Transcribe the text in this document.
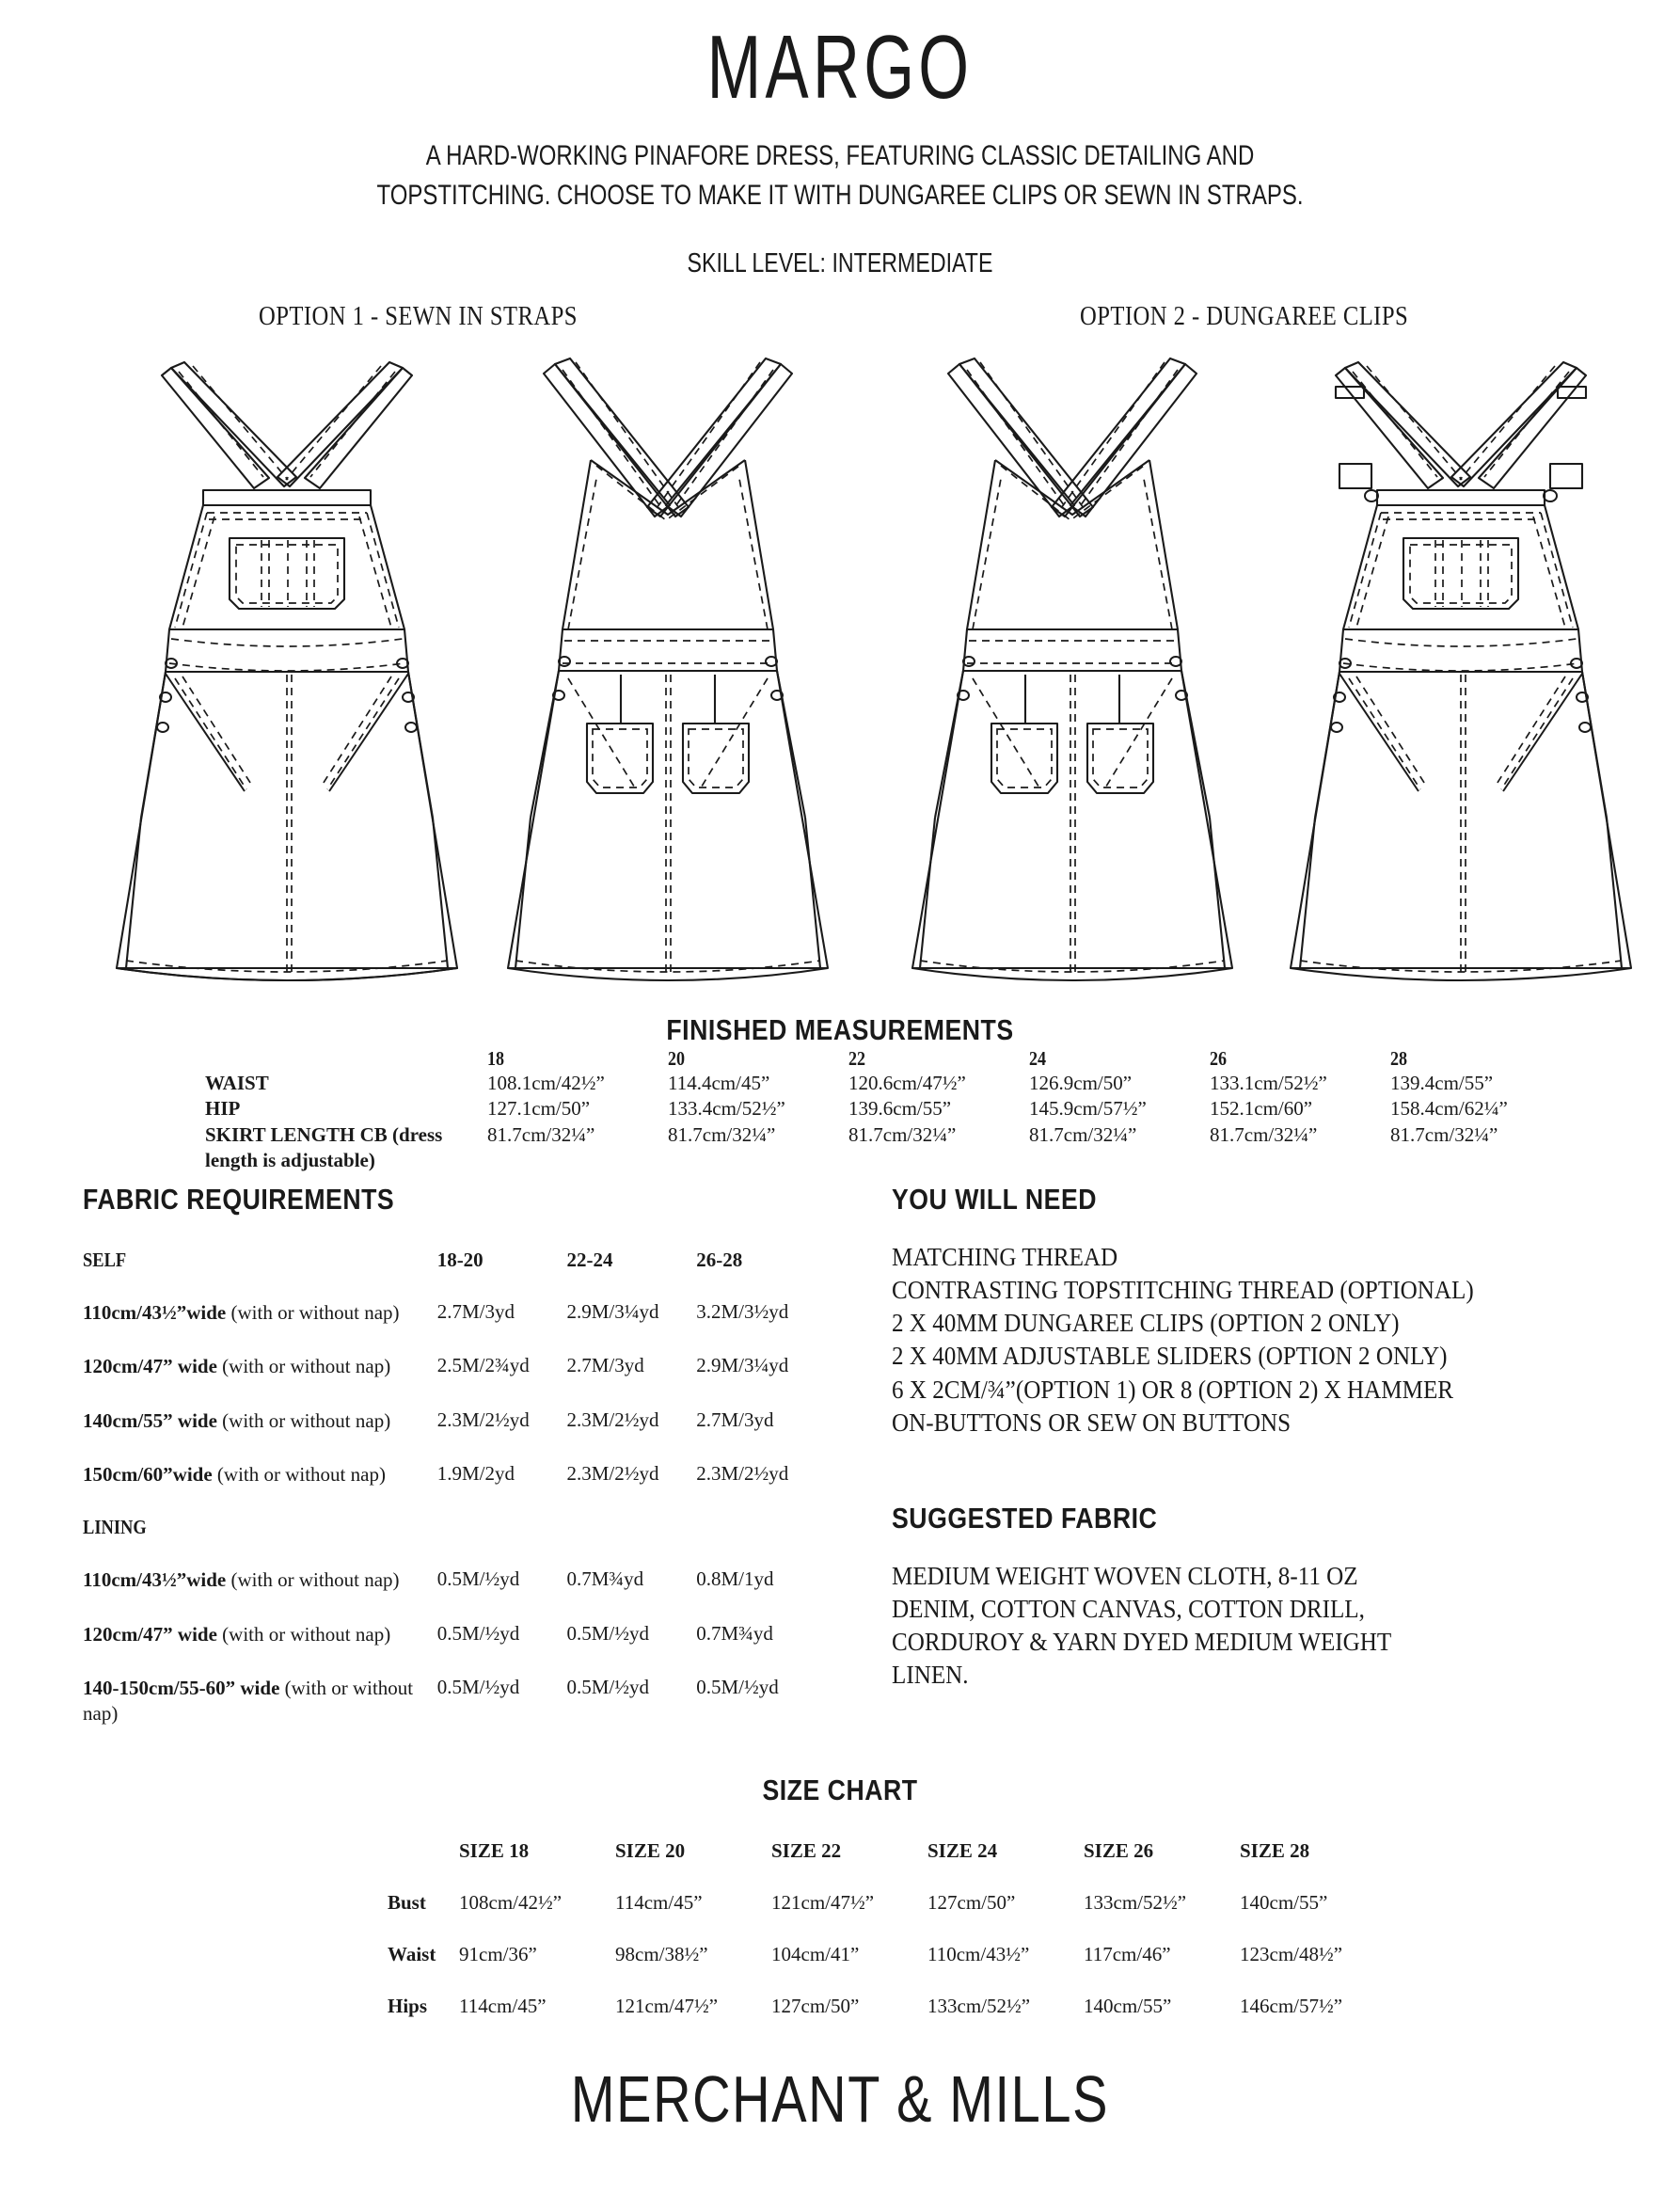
MARGO
A HARD-WORKING PINAFORE DRESS, FEATURING CLASSIC DETAILING AND
TOPSTITCHING. CHOOSE TO MAKE IT WITH DUNGAREE CLIPS OR SEWN IN STRAPS.
SKILL LEVEL: INTERMEDIATE
OPTION 1 - SEWN IN STRAPS	OPTION 2 - DUNGAREE CLIPS
FINISHED MEASUREMENTS
	18	20	22	24	26	28
WAIST	108.1cm/42½”	114.4cm/45”	120.6cm/47½”	126.9cm/50”	133.1cm/52½”	139.4cm/55”
HIP	127.1cm/50”	133.4cm/52½”	139.6cm/55”	145.9cm/57½”	152.1cm/60”	158.4cm/62¼”
SKIRT LENGTH CB (dress length is adjustable)	81.7cm/32¼”	81.7cm/32¼”	81.7cm/32¼”	81.7cm/32¼”	81.7cm/32¼”	81.7cm/32¼”
FABRIC REQUIREMENTS
SELF	18-20	22-24	26-28
110cm/43½”wide (with or without nap)	2.7M/3yd	2.9M/3¼yd	3.2M/3½yd
120cm/47” wide (with or without nap)	2.5M/2¾yd	2.7M/3yd	2.9M/3¼yd
140cm/55” wide (with or without nap)	2.3M/2½yd	2.3M/2½yd	2.7M/3yd
150cm/60”wide (with or without nap)	1.9M/2yd	2.3M/2½yd	2.3M/2½yd
LINING			
110cm/43½”wide (with or without nap)	0.5M/½yd	0.7M¾yd	0.8M/1yd
120cm/47” wide (with or without nap)	0.5M/½yd	0.5M/½yd	0.7M¾yd
140-150cm/55-60” wide (with or without nap)	0.5M/½yd	0.5M/½yd	0.5M/½yd
YOU WILL NEED
MATCHING THREAD
CONTRASTING TOPSTITCHING THREAD (OPTIONAL)
2 X 40MM DUNGAREE CLIPS (OPTION 2 ONLY)
2 X 40MM ADJUSTABLE SLIDERS (OPTION 2 ONLY)
6 X 2CM/¾”(OPTION 1) OR 8 (OPTION 2) X HAMMER
ON-BUTTONS OR SEW ON BUTTONS
SUGGESTED FABRIC
MEDIUM WEIGHT WOVEN CLOTH, 8-11 OZ
DENIM, COTTON CANVAS, COTTON DRILL,
CORDUROY & YARN DYED MEDIUM WEIGHT
LINEN.
SIZE CHART
	SIZE 18	SIZE 20	SIZE 22	SIZE 24	SIZE 26	SIZE 28
Bust	108cm/42½”	114cm/45”	121cm/47½”	127cm/50”	133cm/52½”	140cm/55”
Waist	91cm/36”	98cm/38½”	104cm/41”	110cm/43½”	117cm/46”	123cm/48½”
Hips	114cm/45”	121cm/47½”	127cm/50”	133cm/52½”	140cm/55”	146cm/57½”
MERCHANT & MILLS
